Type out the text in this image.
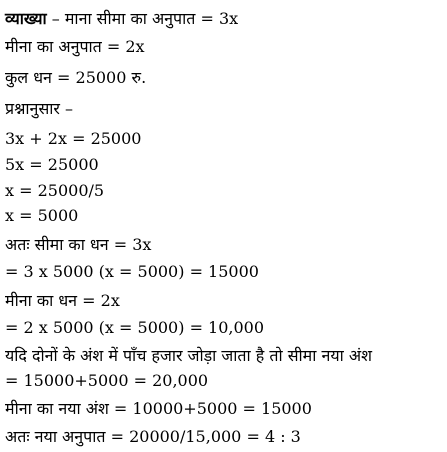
व्याख्या – माना सीमा का अनुपात = 3x
मीना का अनुपात = 2x
कुल धन = 25000 रु.
प्रश्नानुसार –
3x + 2x = 25000
5x = 25000
x = 25000/5
x = 5000
अतः सीमा का धन = 3x
= 3 x 5000 (x = 5000) = 15000
मीना का धन = 2x
= 2 x 5000 (x = 5000) = 10,000
यदि दोनों के अंश में पाँच हजार जोड़ा जाता है तो सीमा नया अंश
= 15000+5000 = 20,000
मीना का नया अंश = 10000+5000 = 15000
अतः नया अनुपात = 20000/15,000 = 4 : 3
